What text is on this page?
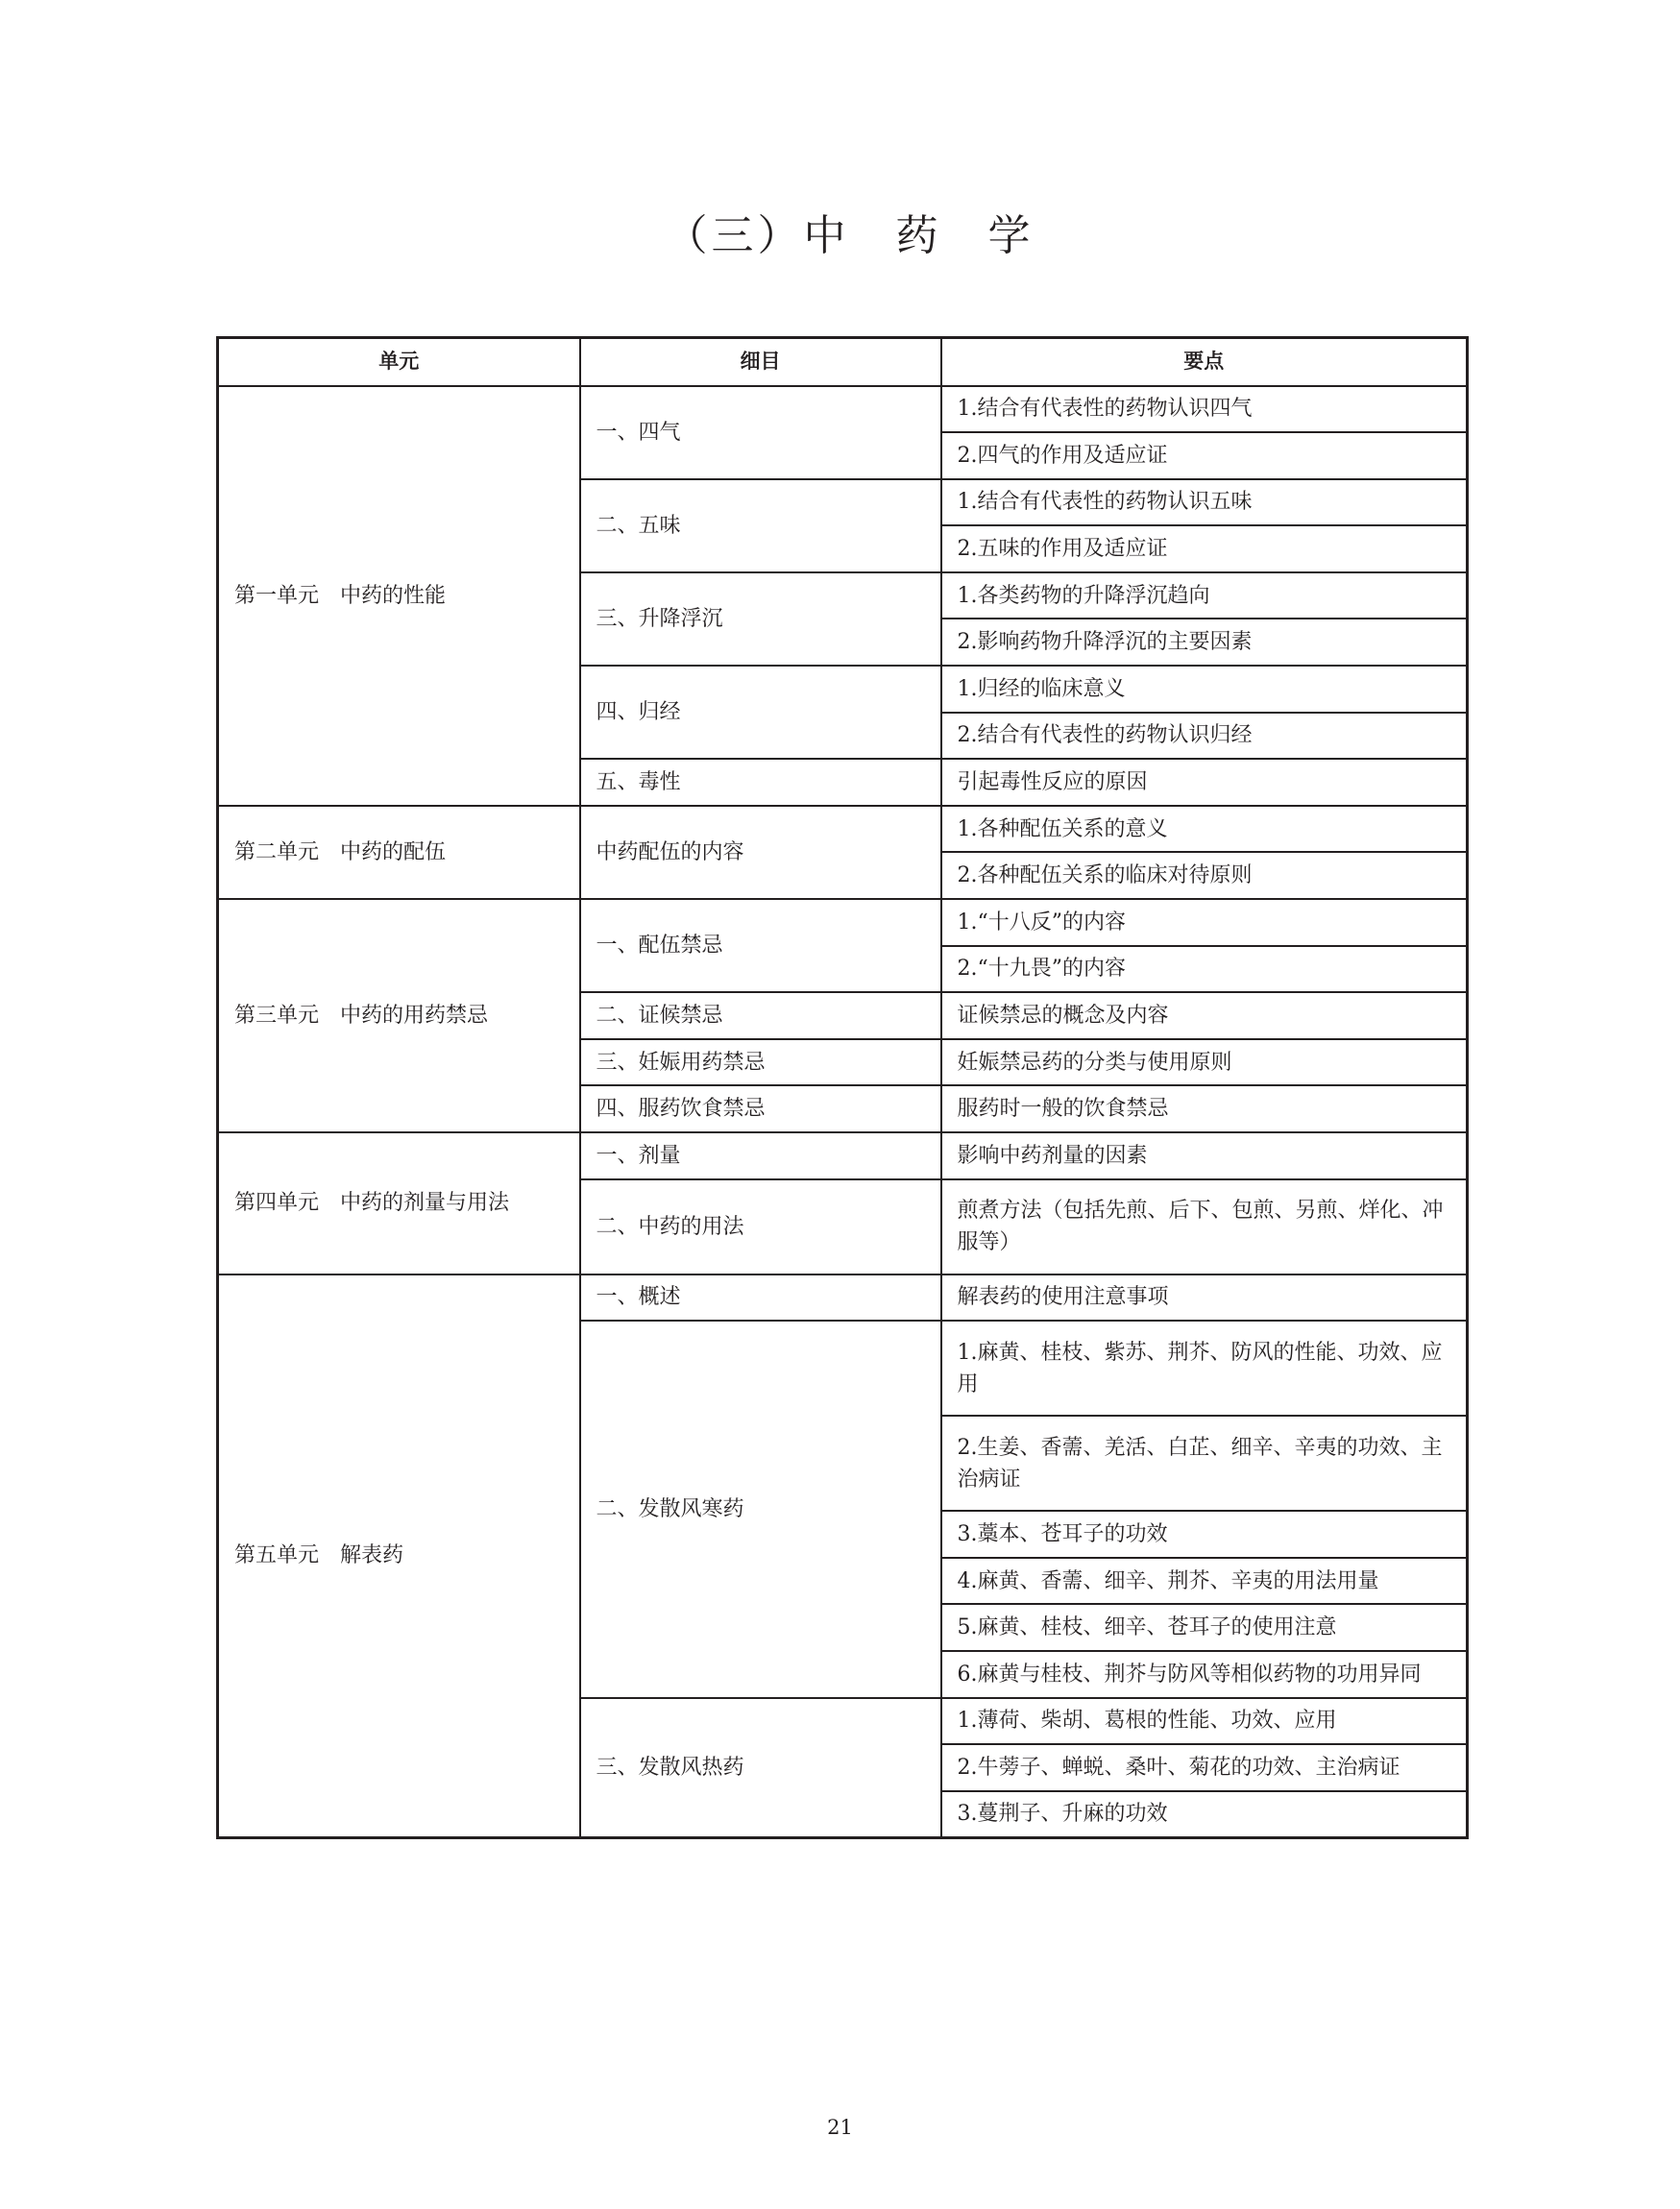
（三）中　药　学
单元	细目	要点
第一单元　中药的性能	一、四气	1.结合有代表性的药物认识四气
		2.四气的作用及适应证
	二、五味	1.结合有代表性的药物认识五味
		2.五味的作用及适应证
	三、升降浮沉	1.各类药物的升降浮沉趋向
		2.影响药物升降浮沉的主要因素
	四、归经	1.归经的临床意义
		2.结合有代表性的药物认识归经
	五、毒性	引起毒性反应的原因
第二单元　中药的配伍	中药配伍的内容	1.各种配伍关系的意义
		2.各种配伍关系的临床对待原则
第三单元　中药的用药禁忌	一、配伍禁忌	1.“十八反”的内容
		2.“十九畏”的内容
	二、证候禁忌	证候禁忌的概念及内容
	三、妊娠用药禁忌	妊娠禁忌药的分类与使用原则
	四、服药饮食禁忌	服药时一般的饮食禁忌
第四单元　中药的剂量与用法	一、剂量	影响中药剂量的因素
	二、中药的用法	煎煮方法（包括先煎、后下、包煎、另煎、烊化、冲服等）
第五单元　解表药	一、概述	解表药的使用注意事项
	二、发散风寒药	1.麻黄、桂枝、紫苏、荆芥、防风的性能、功效、应用
		2.生姜、香薷、羌活、白芷、细辛、辛夷的功效、主治病证
		3.藁本、苍耳子的功效
		4.麻黄、香薷、细辛、荆芥、辛夷的用法用量
		5.麻黄、桂枝、细辛、苍耳子的使用注意
		6.麻黄与桂枝、荆芥与防风等相似药物的功用异同
	三、发散风热药	1.薄荷、柴胡、葛根的性能、功效、应用
		2.牛蒡子、蝉蜕、桑叶、菊花的功效、主治病证
		3.蔓荆子、升麻的功效
21
